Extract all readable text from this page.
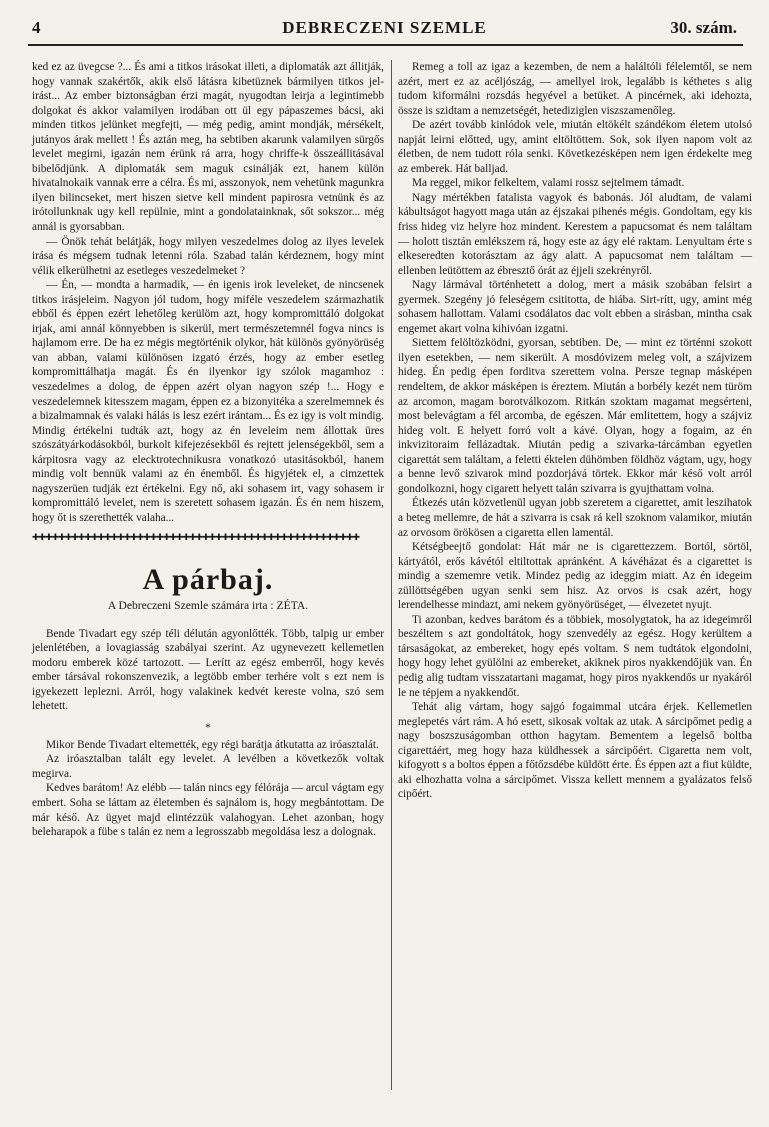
4	DEBRECZENI SZEMLE	30. szám.

ked ez az üvegcse ?... És ami a titkos irásokat illeti, a diplomaták azt állitják, hogy vannak szakértők, akik első látásra kibetüznek bármilyen titkos jel-irást... Az ember biztonságban érzi magát, nyugodtan leirja a legintimebb dolgokat és akkor valamilyen irodában ott ül egy pápaszemes bácsi, aki minden titkos jelünket megfejti, — még pedig, amint mondják, mérsékelt, jutányos árak mellett ! És aztán meg, ha sebtiben akarunk valamilyen sürgős levelet megirni, igazán nem érünk rá arra, hogy chriffe-k összeállitásával bibelődjünk. A diplomaták sem maguk csinálják ezt, hanem külön hivatalnokaik vannak erre a célra. És mi, asszonyok, nem vehetünk magunkra ilyen bilincseket, mert hiszen sietve kell mindent papirosra vetnünk és az irótollunknak ugy kell repülnie, mint a gondolatainknak, sőt sokszor... még annál is gyorsabban.

— Önök tehát belátják, hogy milyen veszedelmes dolog az ilyes levelek irása és mégsem tudnak letenni róla. Szabad talán kérdeznem, hogy mint vélik elkerülhetni az esetleges veszedelmeket ?

— Én, — mondta a harmadik, — én igenis irok leveleket, de nincsenek titkos irásjeleim. Nagyon jól tudom, hogy miféle veszedelem származhatik ebből és éppen ezért lehetőleg kerülöm azt, hogy kompromittáló dolgokat irjak, ami annál könnyebben is sikerül, mert természetemnél fogva nincs is hajlamom erre. De ha ez mégis megtörténik olykor, hát különös gyönyörüség van abban, valami különösen izgató érzés, hogy az ember esetleg kompromittálhatja magát. És én ilyenkor igy szólok magamhoz : veszedelmes a dolog, de éppen azért olyan nagyon szép !... Hogy e veszedelemnek kitesszem magam, éppen ez a bizonyitéka a szerelmemnek és a bizalmamnak és valaki hálás is lesz ezért irántam... És ez igy is volt mindig. Mindig értékelni tudták azt, hogy az én leveleim nem állottak üres szószátyárkodásokból, burkolt kifejezésekből és rejtett jelenségekből, sem a kárpitosra vagy az elecktrotechnikusra vonatkozó utasitásokból, hanem mindig volt bennük valami az én énemből. És higyjétek el, a cimzettek nagyszerüen tudják ezt értékelni. Egy nő, aki sohasem irt, vagy sohasem ir kompromittáló levelet, nem is szeretett sohasem igazán. És én nem hiszem, hogy őt is szerethették valaha...

✚✚✚✚✚✚✚✚✚✚✚✚✚✚✚✚✚✚✚✚✚✚✚✚✚✚✚✚✚✚✚✚✚✚✚✚✚✚✚✚✚✚✚✚✚✚✚✚✚✚
A párbaj.
A Debreczeni Szemle számára irta : ZÉTA.

Bende Tivadart egy szép téli délután agyonlőtték. Több, talpig ur ember jelenlétében, a lovagiasság szabályai szerint. Az ugynevezett kellemetlen modoru emberek közé tartozott. — Lerítt az egész emberről, hogy kevés ember társával rokonszenvezik, a legtöbb ember terhére volt s ezt nem is igyekezett leplezni. Arról, hogy valakinek kedvét kereste volna, szó sem lehetett.

*

Mikor Bende Tivadart eltemették, egy régi barátja átkutatta az iróasztalát.

Az iróasztalban talált egy levelet. A levélben a következők voltak megirva.

Kedves barátom! Az elébb — talán nincs egy félórája — arcul vágtam egy embert. Soha se láttam az életemben és sajnálom is, hogy megbántottam. De már késő. Az ügyet majd elintézzük valahogyan. Lehet azonban, hogy beleharapok a fübe s talán ez nem a legrosszabb megoldása lesz a dolognak.

Remeg a toll az igaz a kezemben, de nem a haláltóli félelemtől, se nem azért, mert ez az acéljószág, — amellyel irok, legalább is kéthetes s alig tudom kiformálni rozsdás hegyével a betüket. A pincérnek, aki idehozta, össze is szidtam a nemzetségét, hetediziglen viszszamenőleg.

De azért tovább kinlódok vele, miután eltökélt szándékom életem utolsó napját leirni előtted, ugy, amint eltöltöttem. Sok, sok ilyen napom volt az életben, de nem tudott róla senki. Következésképen nem igen érdekelte meg az emberek. Hát balljad.

Ma reggel, mikor felkeltem, valami rossz sejtelmem támadt.

Nagy mértékben fatalista vagyok és babonás. Jól aludtam, de valami kábultságot hagyott maga után az éjszakai pihenés mégis. Gondoltam, egy kis friss hideg viz helyre hoz mindent. Kerestem a papucsomat és nem találtam — holott tisztán emlékszem rá, hogy este az ágy elé raktam. Lenyultam érte s elkeseredten kotorásztam az ágy alatt. A papucsomat nem találtam — ellenben leütöttem az ébresztő órát az éjjeli szekrényről.

Nagy lármával történhetett a dolog, mert a másik szobában felsirt a gyermek. Szegény jó feleségem csititotta, de hiába. Sirt-rítt, ugy, amint még sohasem hallottam. Valami csodálatos dac volt ebben a sirásban, mintha csak engemet akart volna kihivóan izgatni.

Siettem felöltözködni, gyorsan, sebtiben. De, — mint ez történni szokott ilyen esetekben, — nem sikerült. A mosdóvizem meleg volt, a szájvizem hideg. Én pedig épen forditva szerettem volna. Persze tegnap másképen rendeltem, de akkor másképen is éreztem. Miután a borbély kezét nem türöm az arcomon, magam borotválkozom. Ritkán szoktam magamat megsérteni, most belevágtam a fél arcomba, de egészen. Már emlitettem, hogy a szájviz hideg volt. E helyett forró volt a kávé. Olyan, hogy a fogaim, az én inkvizitoraim fellázadtak. Miután pedig a szivarka-tárcámban egyetlen cigarettát sem találtam, a feletti éktelen dühömben földhöz vágtam, ugy, hogy a benne levő szivarok mind pozdorjává törtek. Ekkor már késő volt arról gondolkozni, hogy cigarett helyett talán szivarra is gyujthattam volna.

Étkezés után közvetlenül ugyan jobb szeretem a cigarettet, amit leszihatok a beteg mellemre, de hát a szivarra is csak rá kell szoknom valamikor, miután az orvosom örökösen a cigaretta ellen lamentál.

Kétségbeejtő gondolat: Hát már ne is cigarettezzem. Bortól, sörtöl, kártyától, erős kávétól eltiltottak apránként. A kávéházat és a cigarettet is mindig a szememre vetik. Mindez pedig az ideggim miatt. Az én idegeim züllöttségében ugyan senki sem hisz. Az orvos is csak azért, hogy lerendelhesse mindazt, ami nekem gyönyörüséget, — élvezetet nyujt.

Ti azonban, kedves barátom és a többiek, mosolygtatok, ha az idegeimről beszéltem s azt gondoltátok, hogy szenvedély az egész. Hogy kerültem a társaságokat, az embereket, hogy epés voltam. S nem tudtátok elgondolni, hogy hogy lehet gyülölni az embereket, akiknek piros nyakkendőjük van. Én pedig alig tudtam visszatartani magamat, hogy piros nyakkendős ur nyakáról le ne tépjem a nyakkendőt.

Tehát alig vártam, hogy sajgó fogaimmal utcára érjek. Kellemetlen meglepetés várt rám. A hó esett, sikosak voltak az utak. A sárcipőmet pedig a nagy boszszuságomban otthon hagytam. Bementem a legelső boltba cigarettáért, meg hogy haza küldhessek a sárcipőért. Cigaretta nem volt, kifogyott s a boltos éppen a főtőzsdébe küldött érte. És éppen azt a fiut küldte, aki elhozhatta volna a sárcipőmet. Vissza kellett mennem a gyalázatos felső cipőért.
